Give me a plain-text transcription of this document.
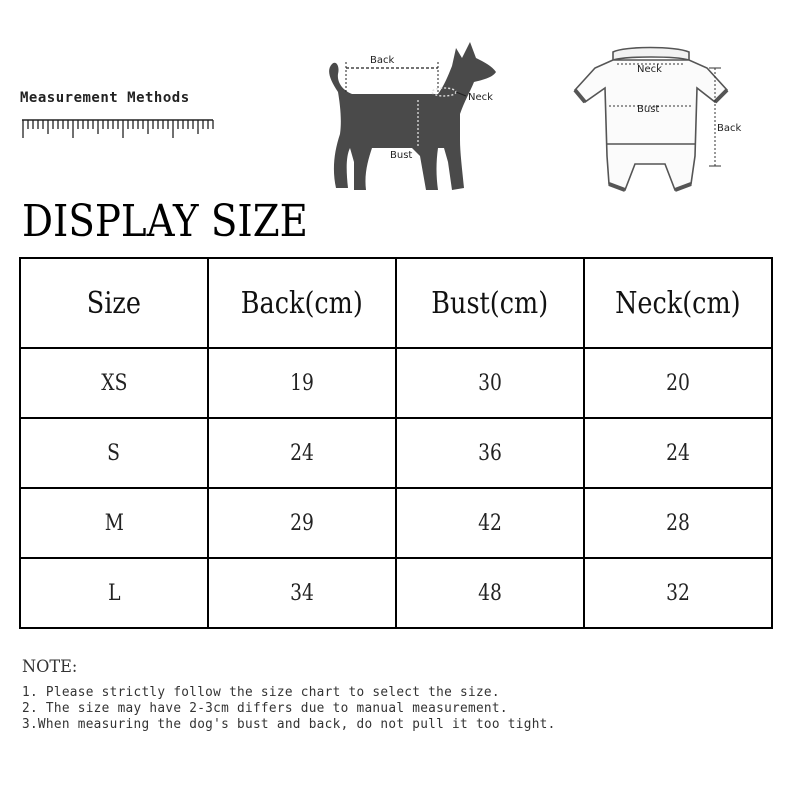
Measurement Methods
Back
Neck
Bust
Neck
Bust
Back
DISPLAY SIZE
Size	Back(cm)	Bust(cm)	Neck(cm)
XS	19	30	20
S	24	36	24
M	29	42	28
L	34	48	32
NOTE:
1. Please strictly follow the size chart to select the size.
2. The size may have 2-3cm differs due to manual measurement.
3.When measuring the dog's bust and back, do not pull it too tight.
